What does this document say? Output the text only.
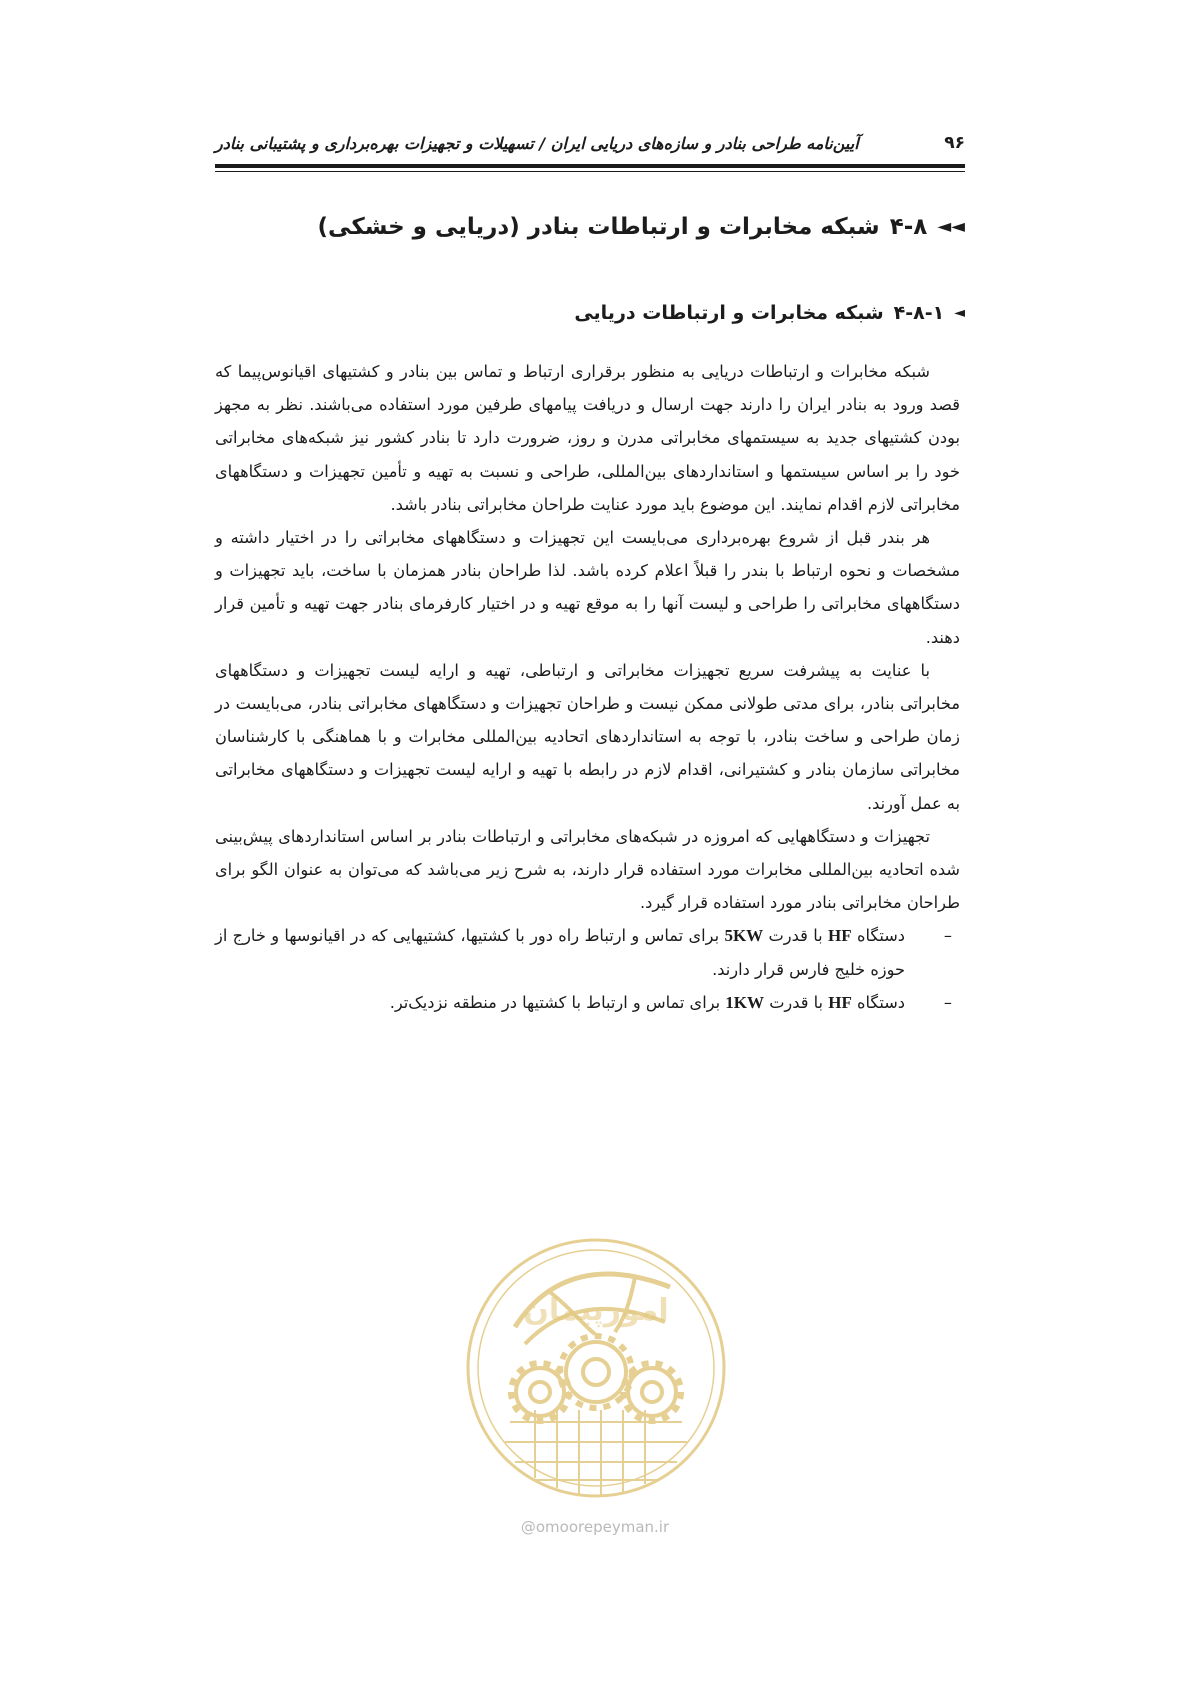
۹۶
آیین‌نامه طراحی بنادر و سازه‌های دریایی ایران / تسهیلات و تجهیزات بهره‌برداری و پشتیبانی بنادر
◄◄
۴-۸
شبکه مخابرات و ارتباطات بنادر (دریایی و خشکی)
◄
۴-۸-۱
شبکه مخابرات و ارتباطات دریایی

شبکه مخابرات و ارتباطات دریایی به منظور برقراری ارتباط و تماس بین بنادر و کشتیهای اقیانوس‌پیما که قصد ورود به بنادر ایران را دارند جهت ارسال و دریافت پیامهای طرفین مورد استفاده می‌باشند. نظر به مجهز بودن کشتیهای جدید به سیستمهای مخابراتی مدرن و روز، ضرورت دارد تا بنادر کشور نیز شبکه‌های مخابراتی خود را بر اساس سیستمها و استانداردهای بین‌المللی، طراحی و نسبت به تهیه و تأمین تجهیزات و دستگاههای مخابراتی لازم اقدام نمایند. این موضوع باید مورد عنایت طراحان مخابراتی بنادر باشد.

هر بندر قبل از شروع بهره‌برداری می‌بایست این تجهیزات و دستگاههای مخابراتی را در اختیار داشته و مشخصات و نحوه ارتباط با بندر را قبلاً اعلام کرده باشد. لذا طراحان بنادر همزمان با ساخت، باید تجهیزات و دستگاههای مخابراتی را طراحی و لیست آنها را به موقع تهیه و در اختیار کارفرمای بنادر جهت تهیه و تأمین قرار دهند.

با عنایت به پیشرفت سریع تجهیزات مخابراتی و ارتباطی، تهیه و ارایه لیست تجهیزات و دستگاههای مخابراتی بنادر، برای مدتی طولانی ممکن نیست و طراحان تجهیزات و دستگاههای مخابراتی بنادر، می‌بایست در زمان طراحی و ساخت بنادر، با توجه به استانداردهای اتحادیه بین‌المللی مخابرات و با هماهنگی با کارشناسان مخابراتی سازمان بنادر و کشتیرانی، اقدام لازم در رابطه با تهیه و ارایه لیست تجهیزات و دستگاههای مخابراتی به عمل آورند.

تجهیزات و دستگاههایی که امروزه در شبکه‌های مخابراتی و ارتباطات بنادر بر اساس استانداردهای پیش‌بینی شده اتحادیه بین‌المللی مخابرات مورد استفاده قرار دارند، به شرح زیر می‌باشد که می‌توان به عنوان الگو برای طراحان مخابراتی بنادر مورد استفاده قرار گیرد.

–
دستگاه HF با قدرت 5KW برای تماس و ارتباط راه دور با کشتیها، کشتیهایی که در اقیانوسها و خارج از حوزه خلیج فارس قرار دارند.
–
دستگاه HF با قدرت 1KW برای تماس و ارتباط با کشتیها در منطقه نزدیک‌تر.
امورپیمان
@omoorepeyman.ir
